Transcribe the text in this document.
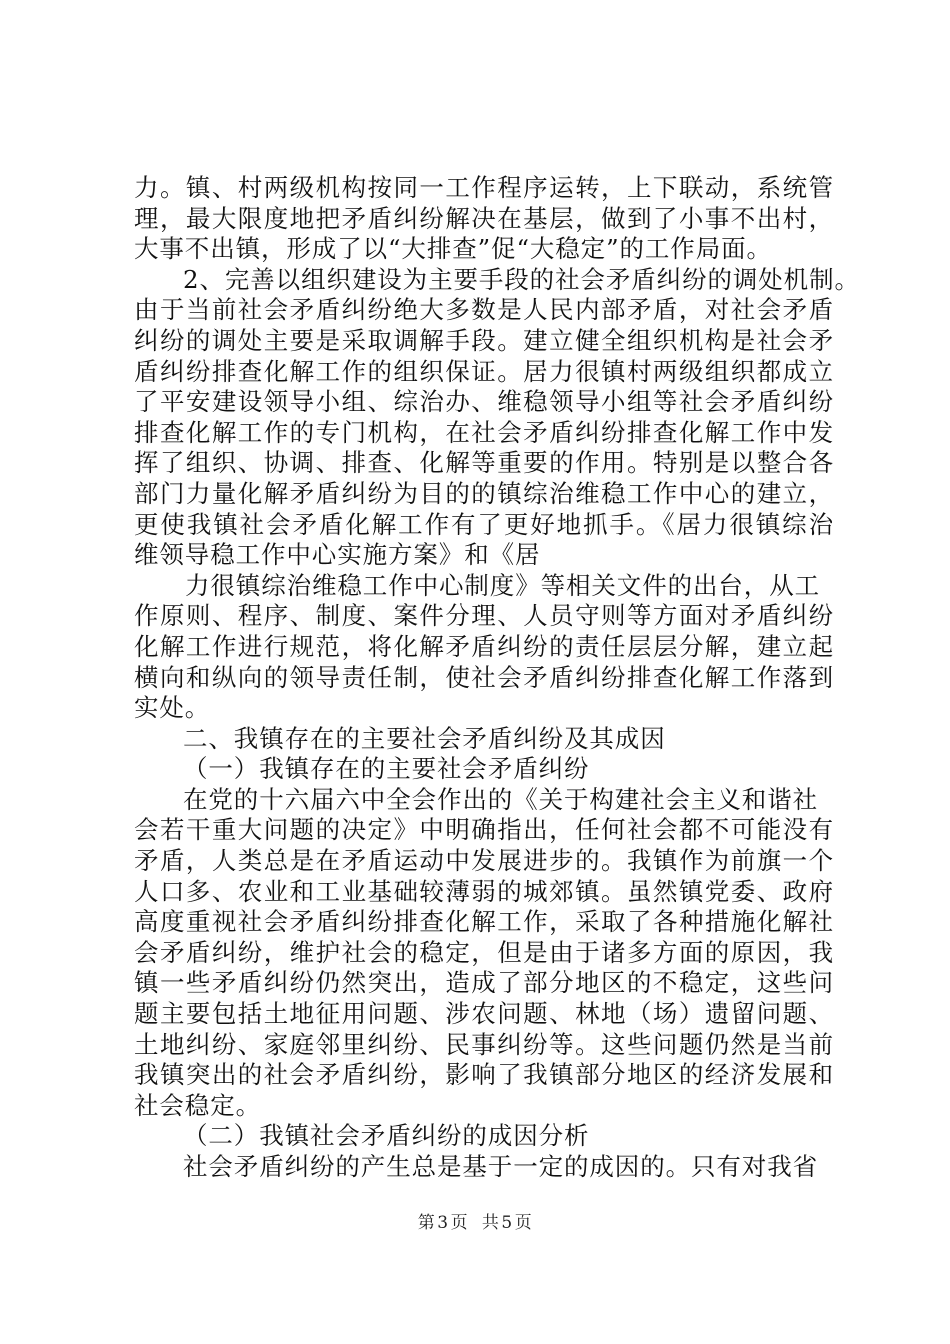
力。镇、村两级机构按同一工作程序运转，上下联动，系统管
理，最大限度地把矛盾纠纷解决在基层，做到了小事不出村，
大事不出镇，形成了以“大排查”促“大稳定”的工作局面。
2、完善以组织建设为主要手段的社会矛盾纠纷的调处机制。
由于当前社会矛盾纠纷绝大多数是人民内部矛盾，对社会矛盾
纠纷的调处主要是采取调解手段。建立健全组织机构是社会矛
盾纠纷排查化解工作的组织保证。居力很镇村两级组织都成立
了平安建设领导小组、综治办、维稳领导小组等社会矛盾纠纷
排查化解工作的专门机构，在社会矛盾纠纷排查化解工作中发
挥了组织、协调、排查、化解等重要的作用。特别是以整合各
部门力量化解矛盾纠纷为目的的镇综治维稳工作中心的建立，
更使我镇社会矛盾化解工作有了更好地抓手。《居力很镇综治
维领导稳工作中心实施方案》和《居
力很镇综治维稳工作中心制度》等相关文件的出台，从工
作原则、程序、制度、案件分理、人员守则等方面对矛盾纠纷
化解工作进行规范，将化解矛盾纠纷的责任层层分解，建立起
横向和纵向的领导责任制，使社会矛盾纠纷排查化解工作落到
实处。
二、我镇存在的主要社会矛盾纠纷及其成因
（一）我镇存在的主要社会矛盾纠纷
在党的十六届六中全会作出的《关于构建社会主义和谐社
会若干重大问题的决定》中明确指出，任何社会都不可能没有
矛盾，人类总是在矛盾运动中发展进步的。我镇作为前旗一个
人口多、农业和工业基础较薄弱的城郊镇。虽然镇党委、政府
高度重视社会矛盾纠纷排查化解工作，采取了各种措施化解社
会矛盾纠纷，维护社会的稳定，但是由于诸多方面的原因，我
镇一些矛盾纠纷仍然突出，造成了部分地区的不稳定，这些问
题主要包括土地征用问题、涉农问题、林地（场）遗留问题、
土地纠纷、家庭邻里纠纷、民事纠纷等。这些问题仍然是当前
我镇突出的社会矛盾纠纷，影响了我镇部分地区的经济发展和
社会稳定。
（二）我镇社会矛盾纠纷的成因分析
社会矛盾纠纷的产生总是基于一定的成因的。只有对我省
第 3 页 共 5 页
